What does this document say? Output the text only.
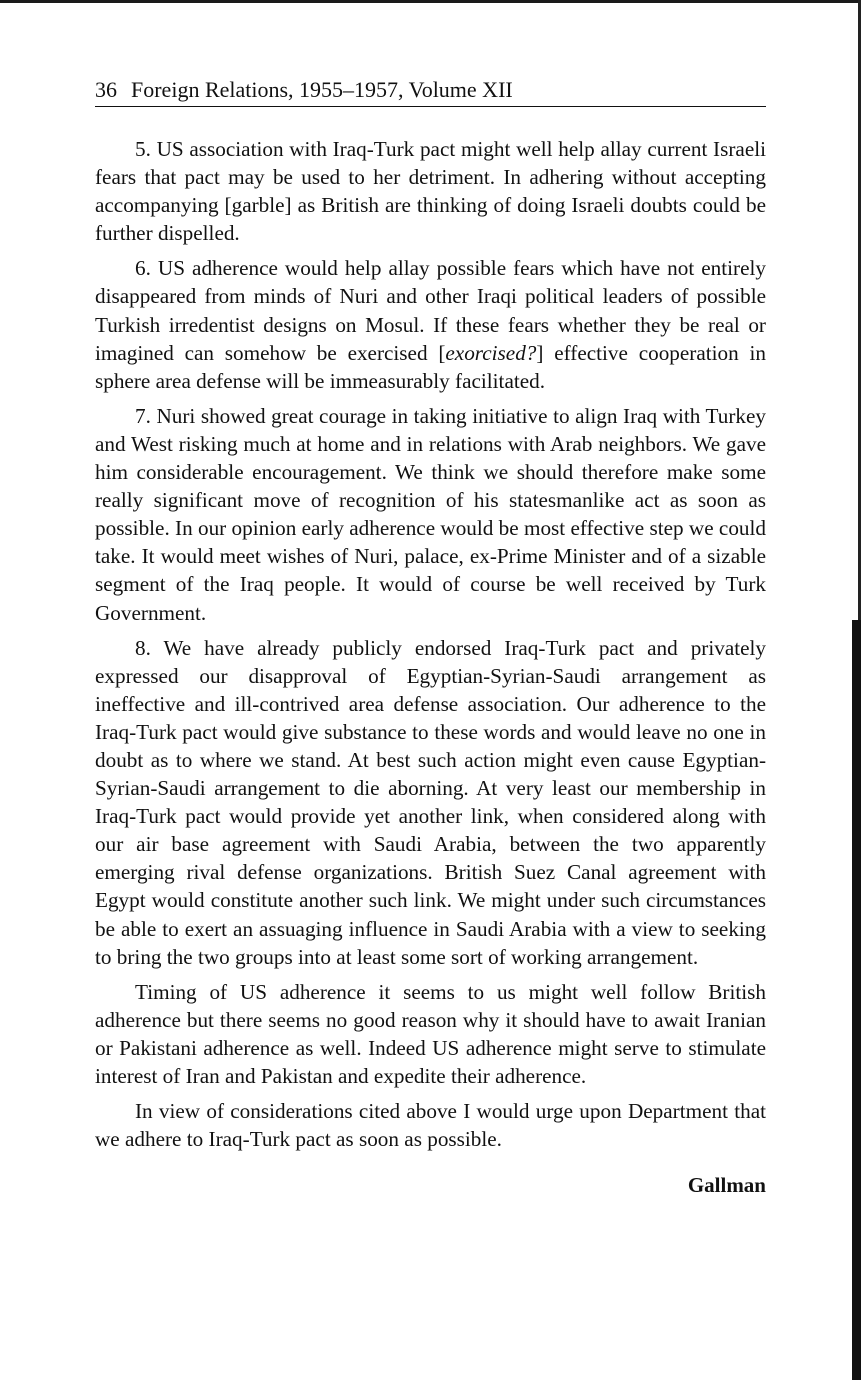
36 Foreign Relations, 1955–1957, Volume XII

5. US association with Iraq-Turk pact might well help allay current Israeli fears that pact may be used to her detriment. In adhering without accepting accompanying [garble] as British are thinking of doing Israeli doubts could be further dispelled.

6. US adherence would help allay possible fears which have not entirely disappeared from minds of Nuri and other Iraqi political leaders of possible Turkish irredentist designs on Mosul. If these fears whether they be real or imagined can somehow be exercised [exorcised?] effective cooperation in sphere area defense will be immeasurably facilitated.

7. Nuri showed great courage in taking initiative to align Iraq with Turkey and West risking much at home and in relations with Arab neighbors. We gave him considerable encouragement. We think we should therefore make some really significant move of recognition of his statesmanlike act as soon as possible. In our opinion early adherence would be most effective step we could take. It would meet wishes of Nuri, palace, ex-Prime Minister and of a sizable segment of the Iraq people. It would of course be well received by Turk Government.

8. We have already publicly endorsed Iraq-Turk pact and privately expressed our disapproval of Egyptian-Syrian-Saudi arrangement as ineffective and ill-contrived area defense association. Our adherence to the Iraq-Turk pact would give substance to these words and would leave no one in doubt as to where we stand. At best such action might even cause Egyptian-Syrian-Saudi arrangement to die aborning. At very least our membership in Iraq-Turk pact would provide yet another link, when considered along with our air base agreement with Saudi Arabia, between the two apparently emerging rival defense organizations. British Suez Canal agreement with Egypt would constitute another such link. We might under such circumstances be able to exert an assuaging influence in Saudi Arabia with a view to seeking to bring the two groups into at least some sort of working arrangement.

Timing of US adherence it seems to us might well follow British adherence but there seems no good reason why it should have to await Iranian or Pakistani adherence as well. Indeed US adherence might serve to stimulate interest of Iran and Pakistan and expedite their adherence.

In view of considerations cited above I would urge upon Department that we adhere to Iraq-Turk pact as soon as possible.

Gallman
